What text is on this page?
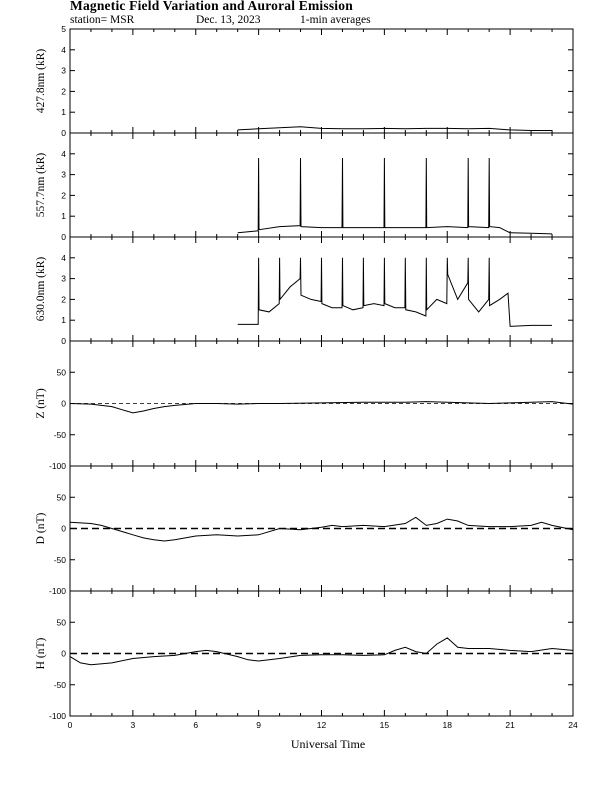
Magnetic Field Variation and Auroral Emission
station= MSR	Dec. 13, 2023	1-min averages
0
1
2
3
4
5
427.8nm (kR)
0
1
2
3
4
557.7nm (kR)
0
1
2
3
4
630.0nm (kR)
-100
-50
0
50
Z (nT)
-100
-50
0
50
D (nT)
-100
-50
0
50
H (nT)
0	3	6	9	12	15	18	21	24
Universal Time
